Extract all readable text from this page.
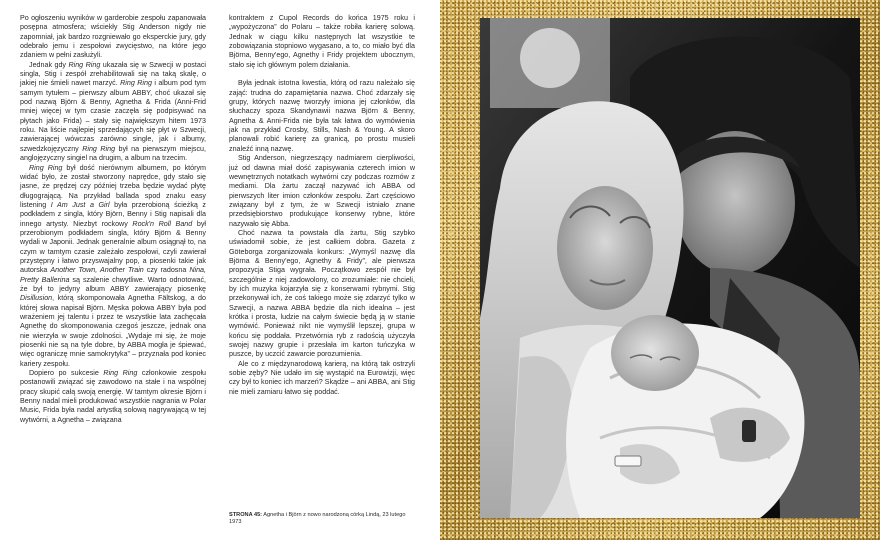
Po ogłoszeniu wyników w garderobie zespołu zapanowała posępna atmosfera; wściekły Stig Anderson nigdy nie zapomniał, jak bardzo rozgniewało go eksperckie jury, gdy odebrało jemu i zespołowi zwycięstwo, na które jego zdaniem w pełni zasłużyli.

Jednak gdy Ring Ring ukazała się w Szwecji w postaci singla, Stig i zespół zrehabilitowali się na taką skalę, o jakiej nie śmieli nawet marzyć. Ring Ring i album pod tym samym tytułem – pierwszy album ABBY, choć ukazał się pod nazwą Björn & Benny, Agnetha & Frida (Anni-Frid mniej więcej w tym czasie zaczęła się podpisywać na płytach jako Frida) – stały się największym hitem 1973 roku. Na liście najlepiej sprzedających się płyt w Szwecji, zawierającej wówczas zarówno single, jak i albumy, szwedzkojęzyczny Ring Ring był na pierwszym miejscu, anglojęzyczny singiel na drugim, a album na trzecim.

Ring Ring był dość nierównym albumem, po którym widać było, że został stworzony naprędce, gdy stało się jasne, że prędzej czy później trzeba będzie wydać płytę długogrającą. Na przykład ballada spod znaku easy listening I Am Just a Girl była przerobioną ścieżką z podkładem z singla, który Björn, Benny i Stig napisali dla innego artysty. Niezbyt rockowy Rock'n Roll Band był przerobionym podkładem singla, który Björn & Benny wydali w Japonii. Jednak generalnie album osiągnął to, na czym w tamtym czasie zależało zespołowi, czyli zawierał przystępny i łatwo przyswajalny pop, a piosenki takie jak autorska Another Town, Another Train czy radosna Nina, Pretty Ballerina są szalenie chwytliwe. Warto odnotować, że był to jedyny album ABBY zawierający piosenkę Disillusion, którą skomponowała Agnetha Fältskog, a do której słowa napisał Björn. Męska połowa ABBY była pod wrażeniem jej talentu i przez te wszystkie lata zachęcała Agnethę do skomponowania czegoś jeszcze, jednak ona nie wierzyła w swoje zdolności. „Wydaje mi się, że moje piosenki nie są na tyle dobre, by ABBA mogła je śpiewać, więc ograniczę mnie samokrytyka” – przyznała pod koniec kariery zespołu.

Dopiero po sukcesie Ring Ring członkowie zespołu postanowili związać się zawodowo na stałe i na wspólnej pracy skupić całą swoją energię. W tamtym okresie Björn i Benny nadal mieli produkować wszystkie nagrania w Polar Music, Frida była nadal artystką solową nagrywającą w tej wytwórni, a Agnetha – związana

kontraktem z Cupol Records do końca 1975 roku i „wypożyczona” do Polaru – także robiła karierę solową. Jednak w ciągu kilku następnych lat wszystkie te zobowiązania stopniowo wygasano, a to, co miało być dla Björna, Benny'ego, Agnethy i Fridy projektem ubocznym, stało się ich głównym polem działania.

Była jednak istotna kwestia, którą od razu należało się zająć: trudna do zapamiętania nazwa. Choć zdarzały się grupy, których nazwę tworzyły imiona jej członków, dla słuchaczy spoza Skandynawii nazwa Björn & Benny, Agnetha & Anni-Frida nie była tak łatwa do wymówienia jak na przykład Crosby, Stills, Nash & Young. A skoro planowali robić karierę za granicą, po prostu musieli znaleźć inną nazwę.

Stig Anderson, niegrzeszący nadmiarem cierpliwości, już od dawna miał dość zapisywania czterech imion w wewnętrznych notatkach wytwórni czy podczas rozmów z mediami. Dla żartu zaczął nazywać ich ABBA od pierwszych liter imion członków zespołu. Żart częściowo związany był z tym, że w Szwecji istniało znane przedsiębiorstwo produkujące konserwy rybne, które nazywało się Abba.

Choć nazwa ta powstała dla żartu, Stig szybko uświadomił sobie, że jest całkiem dobra. Gazeta z Göteborga zorganizowała konkurs: „Wymyśl nazwę dla Björna & Benny'ego, Agnethy & Fridy”, ale pierwsza propozycja Stiga wygrała. Początkowo zespół nie był szczególnie z niej zadowolony, co zrozumiałe: nie chcieli, by ich muzyka kojarzyła się z konserwami rybnymi. Stig przekonywał ich, że coś takiego może się zdarzyć tylko w Szwecji, a nazwa ABBA będzie dla nich idealna – jest krótka i prosta, ludzie na całym świecie będą ją w stanie wymówić. Ponieważ nikt nie wymyślił lepszej, grupa w końcu się poddała. Przetwórnia ryb z radością użyczyła swojej nazwy grupie i przesłała im karton tuńczyka w puszce, by uczcić zawarcie porozumienia.

Ale co z międzynarodową karierą, na którą tak ostrzyli sobie zęby? Nie udało im się wystąpić na Eurowizji, więc czy był to koniec ich marzeń? Skądże – ani ABBA, ani Stig nie mieli zamiaru łatwo się poddać.

STRONA 45: Agnetha i Björn z nowo narodzoną córką Lindą, 23 lutego 1973
